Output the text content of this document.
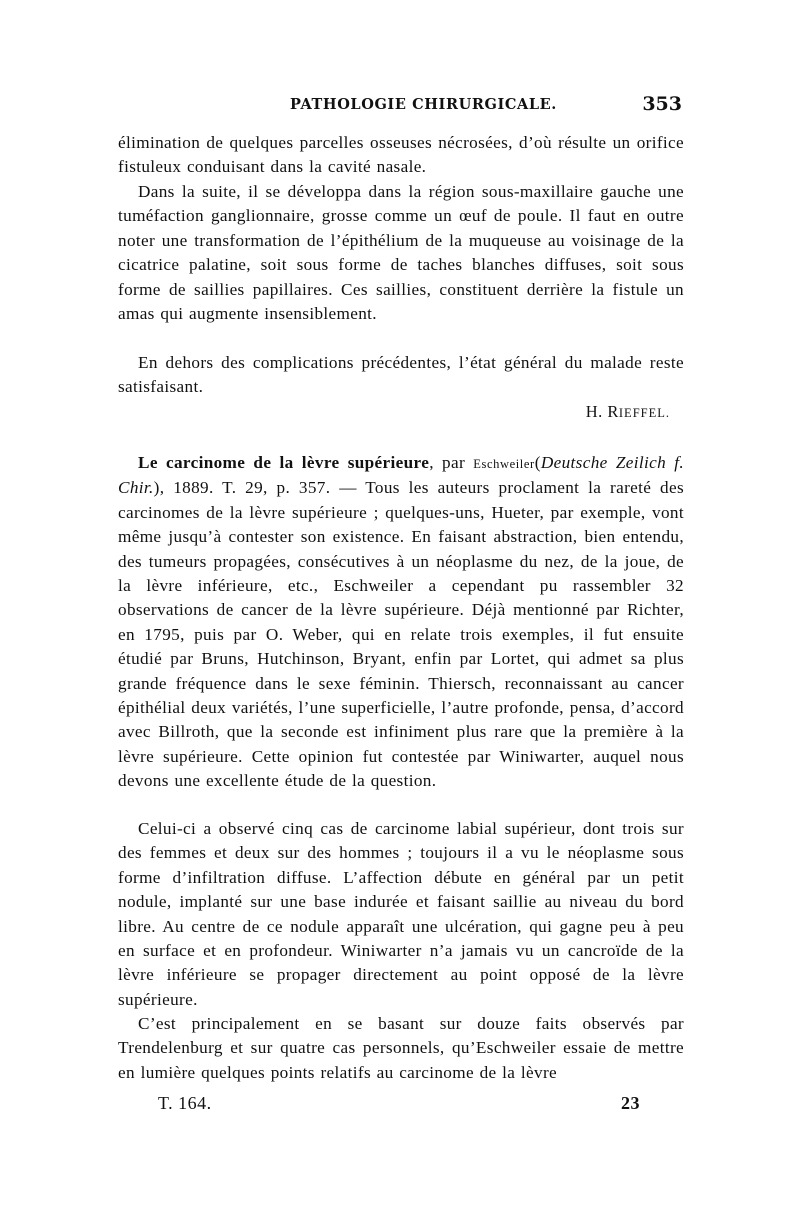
PATHOLOGIE CHIRURGICALE.	353

élimination de quelques parcelles osseuses nécrosées, d’où résulte un orifice fistuleux conduisant dans la cavité nasale.

Dans la suite, il se développa dans la région sous-maxillaire gauche une tuméfaction ganglionnaire, grosse comme un œuf de poule. Il faut en outre noter une transformation de l’épithélium de la muqueuse au voisinage de la cicatrice palatine, soit sous forme de taches blanches diffuses, soit sous forme de saillies papillaires. Ces saillies, constituent derrière la fistule un amas qui augmente insensiblement.

En dehors des complications précédentes, l’état général du malade reste satisfaisant.

H. RIEFFEL.

Le carcinome de la lèvre supérieure, par Eschweiler(Deutsche Zeilich f. Chir.), 1889. T. 29, p. 357. — Tous les auteurs proclament la rareté des carcinomes de la lèvre supérieure ; quelques-uns, Hueter, par exemple, vont même jusqu’à contester son existence. En faisant abstraction, bien entendu, des tumeurs propagées, consécutives à un néoplasme du nez, de la joue, de la lèvre inférieure, etc., Eschweiler a cependant pu rassembler 32 observations de cancer de la lèvre supérieure. Déjà mentionné par Richter, en 1795, puis par O. Weber, qui en relate trois exemples, il fut ensuite étudié par Bruns, Hutchinson, Bryant, enfin par Lortet, qui admet sa plus grande fréquence dans le sexe féminin. Thiersch, reconnaissant au cancer épithélial deux variétés, l’une superficielle, l’autre profonde, pensa, d’accord avec Billroth, que la seconde est infiniment plus rare que la première à la lèvre supérieure. Cette opinion fut contestée par Winiwarter, auquel nous devons une excellente étude de la question.

Celui-ci a observé cinq cas de carcinome labial supérieur, dont trois sur des femmes et deux sur des hommes ; toujours il a vu le néoplasme sous forme d’infiltration diffuse. L’affection débute en général par un petit nodule, implanté sur une base indurée et faisant saillie au niveau du bord libre. Au centre de ce nodule apparaît une ulcération, qui gagne peu à peu en surface et en profondeur. Winiwarter n’a jamais vu un cancroïde de la lèvre inférieure se propager directement au point opposé de la lèvre supérieure.

C’est principalement en se basant sur douze faits observés par Trendelenburg et sur quatre cas personnels, qu’Eschweiler essaie de mettre en lumière quelques points relatifs au carcinome de la lèvre

T. 164.	23
